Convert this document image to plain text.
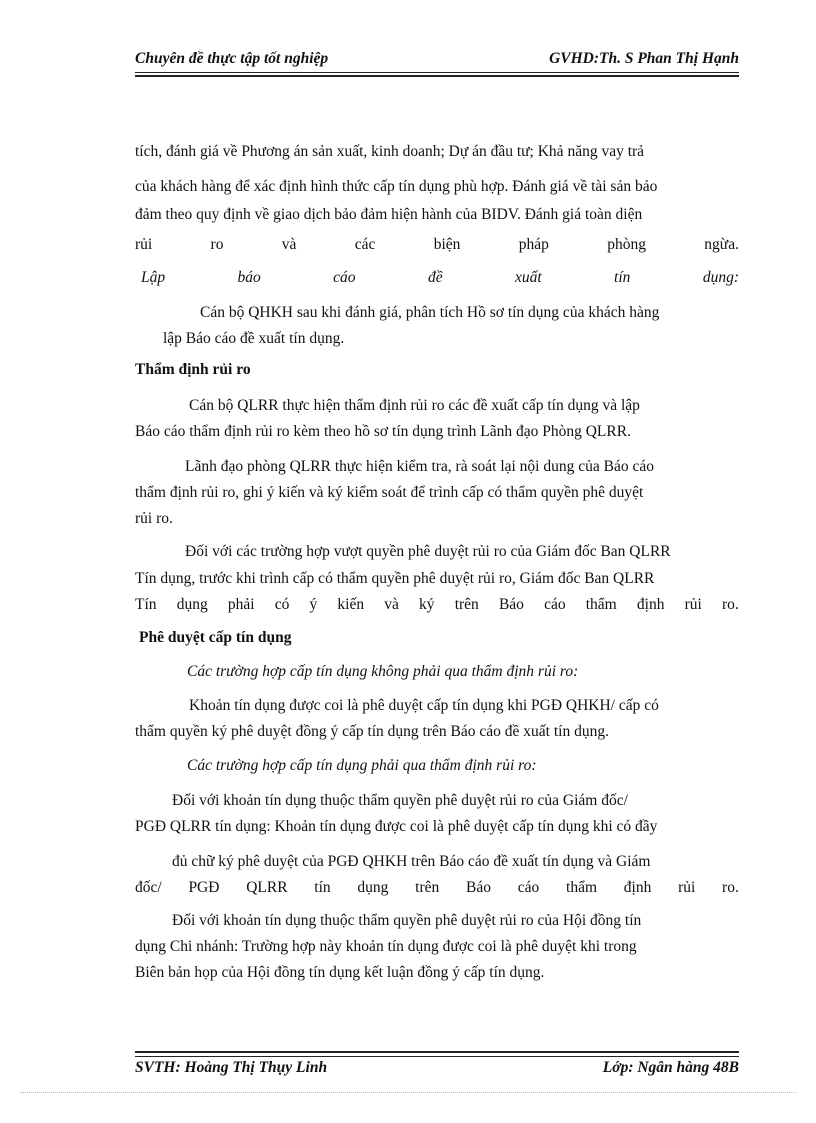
Chuyên đề thực tập tốt nghiệp	GVHD:Th. S Phan Thị Hạnh
tích, đánh giá về Phương án sản xuất, kinh doanh; Dự án đầu tư; Khả năng vay trả
của khách hàng để xác định hình thức cấp tín dụng phù hợp. Đánh giá về tài sản bảo
đảm theo quy định về giao dịch bảo đảm hiện hành của BIDV. Đánh giá toàn diện
rủi	ro	và	các	biện	pháp	phòng	ngừa.
Lập	báo	cáo	đề	xuất	tín	dụng:
Cán bộ QHKH sau khi đánh giá, phân tích Hồ sơ tín dụng của khách hàng
lập Báo cáo đề xuất tín dụng.
Thẩm định rủi ro
Cán bộ QLRR thực hiện thẩm định rủi ro các đề xuất cấp tín dụng và lập
Báo cáo thẩm định rủi ro kèm theo hồ sơ tín dụng trình Lãnh đạo Phòng QLRR.
Lãnh đạo phòng QLRR thực hiện kiểm tra, rà soát lại nội dung của Báo cáo
thẩm định rủi ro, ghi ý kiến và ký kiểm soát để trình cấp có thẩm quyền phê duyệt
rủi ro.
Đối với các trường hợp vượt quyền phê duyệt rủi ro của Giám đốc Ban QLRR
Tín dụng, trước khi trình cấp có thẩm quyền phê duyệt rủi ro, Giám đốc Ban QLRR
Tín dụng phải có ý kiến và ký trên Báo cáo thẩm định rủi ro.
Phê duyệt cấp tín dụng
Các trường hợp cấp tín dụng không phải qua thẩm định rủi ro:
Khoản tín dụng được coi là phê duyệt cấp tín dụng khi PGĐ QHKH/ cấp có
thẩm quyền ký phê duyệt đồng ý cấp tín dụng trên Báo cáo đề xuất tín dụng.
Các trường hợp cấp tín dụng phải qua thẩm định rủi ro:
Đối với khoản tín dụng thuộc thẩm quyền phê duyệt rủi ro của Giám đốc/
PGĐ QLRR tín dụng: Khoản tín dụng được coi là phê duyệt cấp tín dụng khi có đầy
đủ chữ ký phê duyệt của PGĐ QHKH trên Báo cáo đề xuất tín dụng và Giám
đốc/ PGĐ QLRR tín dụng trên Báo cáo thẩm định rủi ro.
Đối với khoản tín dụng thuộc thẩm quyền phê duyệt rủi ro của Hội đồng tín
dụng Chi nhánh: Trường hợp này khoản tín dụng được coi là phê duyệt khi trong
Biên bản họp của Hội đồng tín dụng kết luận đồng ý cấp tín dụng.
SVTH: Hoàng Thị Thụy Linh	Lớp: Ngân hàng 48B
